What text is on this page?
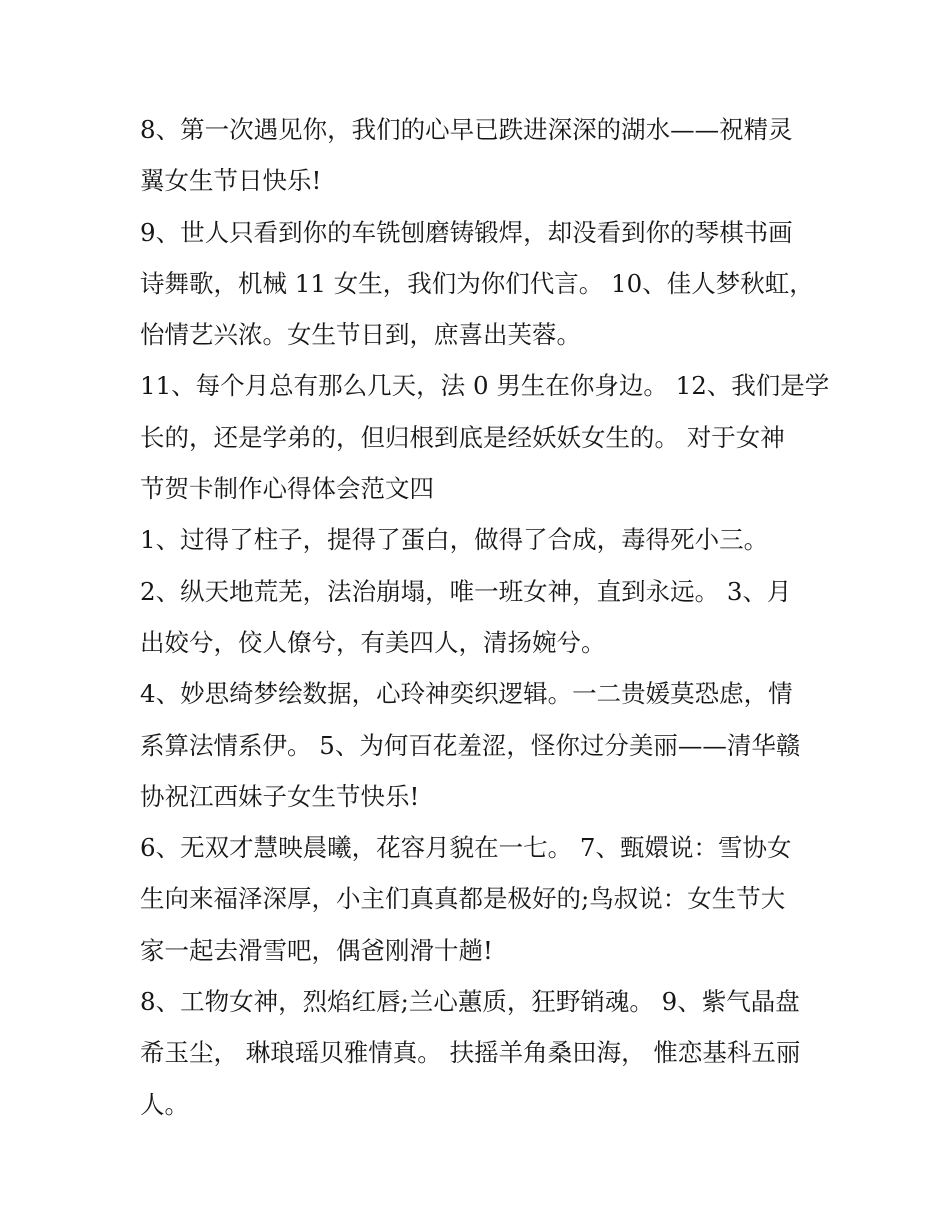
8、第一次遇见你，我们的心早已跌进深深的湖水——祝精灵
翼女生节日快乐!
9、世人只看到你的车铣刨磨铸锻焊，却没看到你的琴棋书画
诗舞歌，机械 11 女生，我们为你们代言。 10、佳人梦秋虹，
怡情艺兴浓。女生节日到，庶喜出芙蓉。
11、每个月总有那么几天，法 0 男生在你身边。 12、我们是学
长的，还是学弟的，但归根到底是经妖妖女生的。 对于女神
节贺卡制作心得体会范文四
1、过得了柱子，提得了蛋白，做得了合成，毒得死小三。
2、纵天地荒芜，法治崩塌，唯一班女神，直到永远。 3、月
出姣兮，佼人僚兮，有美四人，清扬婉兮。
4、妙思绮梦绘数据，心玲神奕织逻辑。一二贵媛莫恐虑，情
系算法情系伊。 5、为何百花羞涩，怪你过分美丽——清华赣
协祝江西妹子女生节快乐!
6、无双才慧映晨曦，花容月貌在一七。 7、甄嬛说：雪协女
生向来福泽深厚，小主们真真都是极好的;鸟叔说：女生节大
家一起去滑雪吧，偶爸刚滑十趟!
8、工物女神，烈焰红唇;兰心蕙质，狂野销魂。 9、紫气晶盘
希玉尘， 琳琅瑶贝雅情真。 扶摇羊角桑田海， 惟恋基科五丽
人。
